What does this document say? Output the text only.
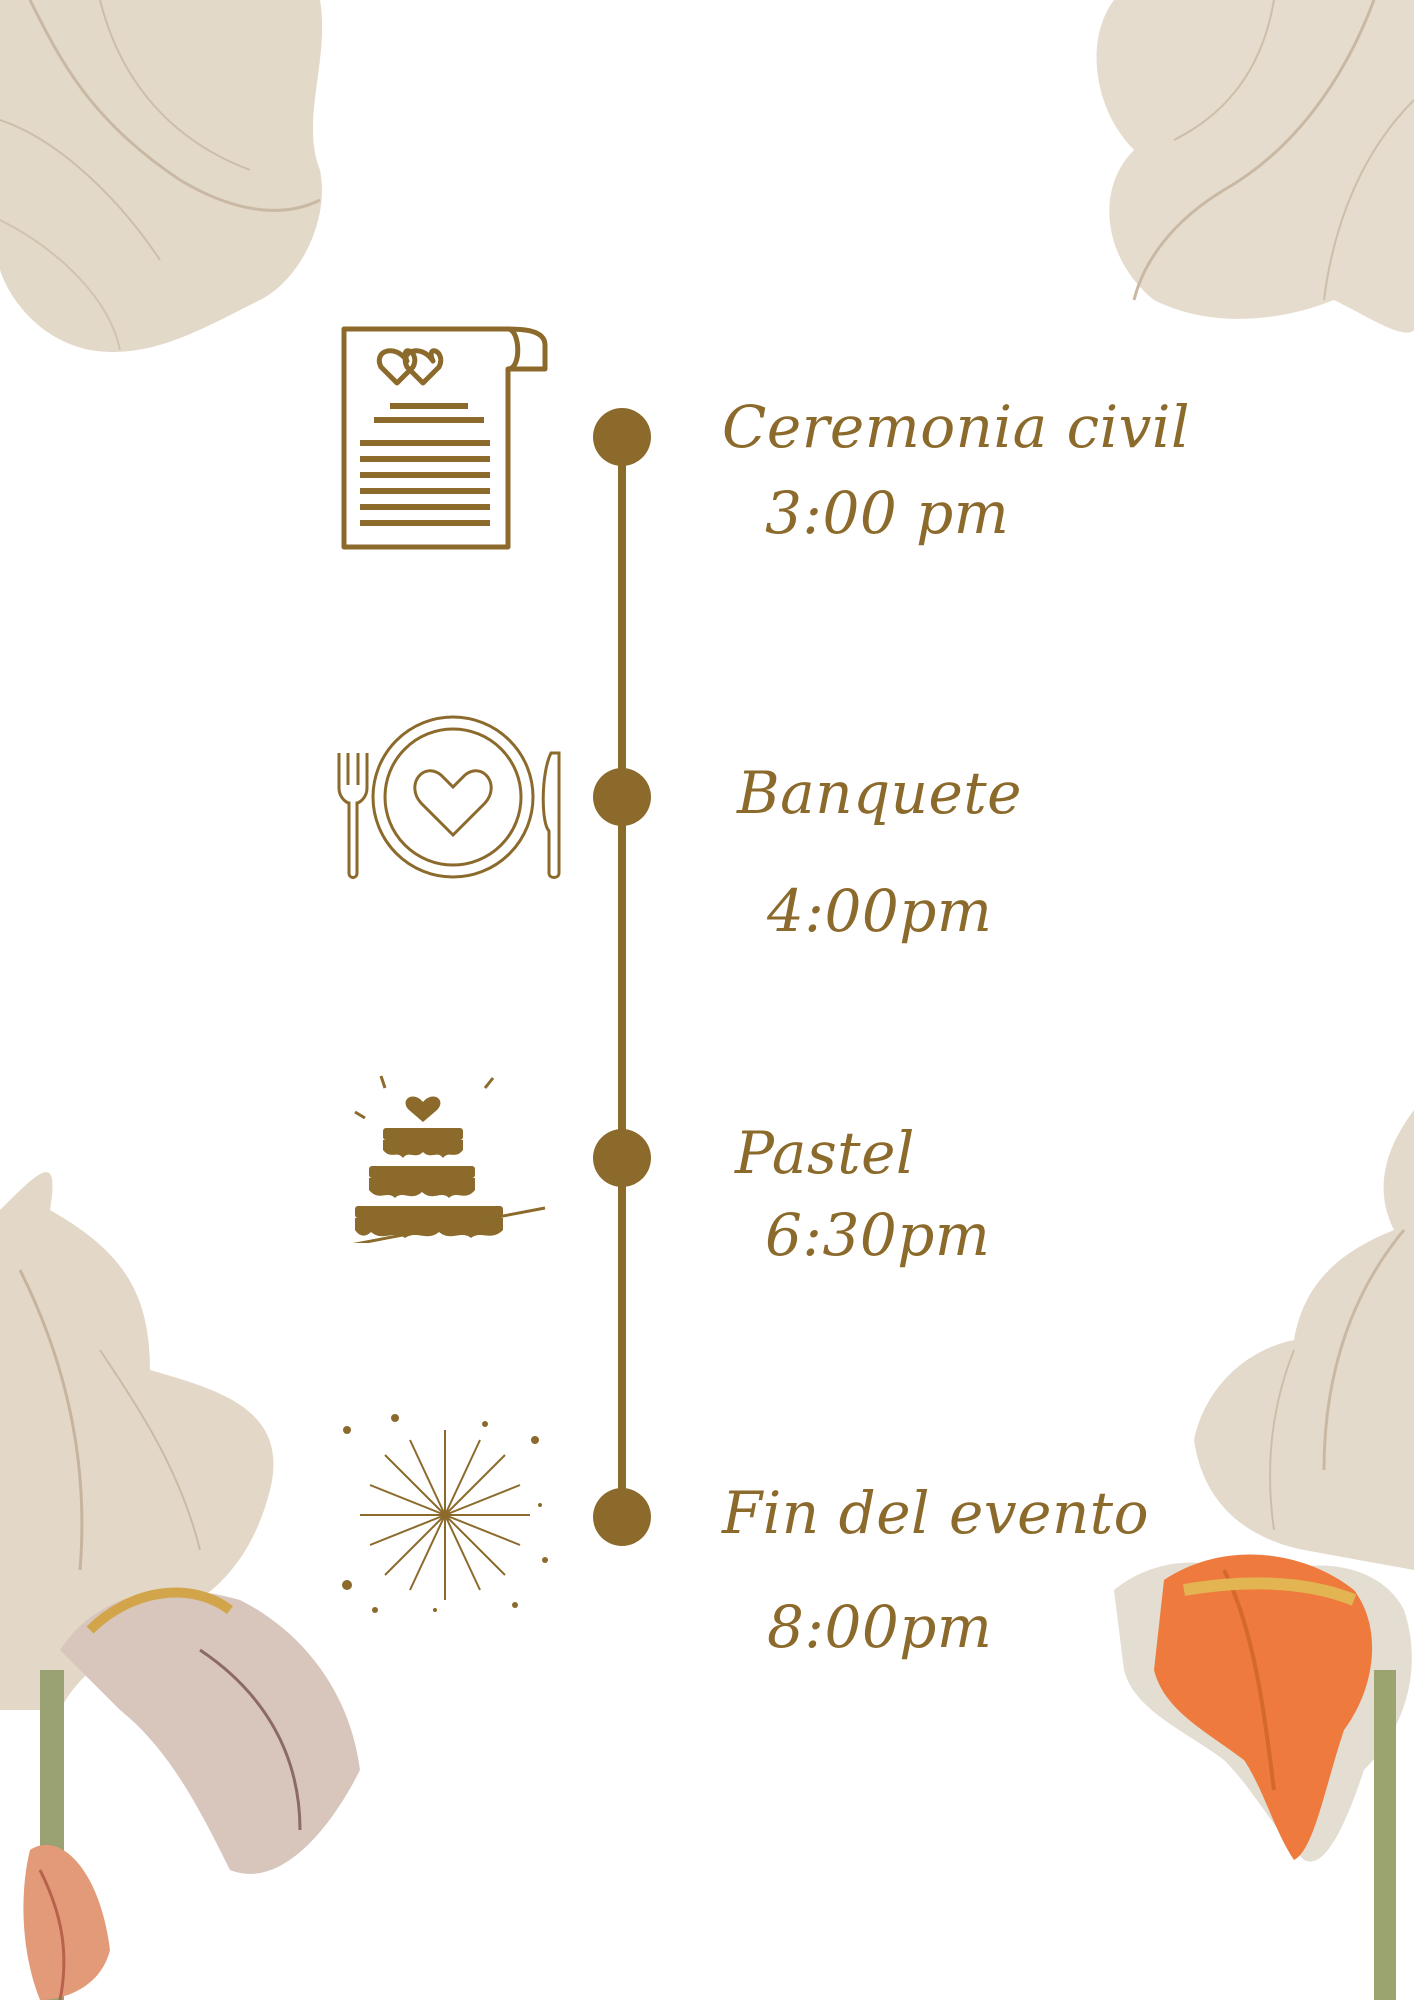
Ceremonia civil
3:00 pm
Banquete
4:00pm
Pastel
6:30pm
Fin del evento
8:00pm
